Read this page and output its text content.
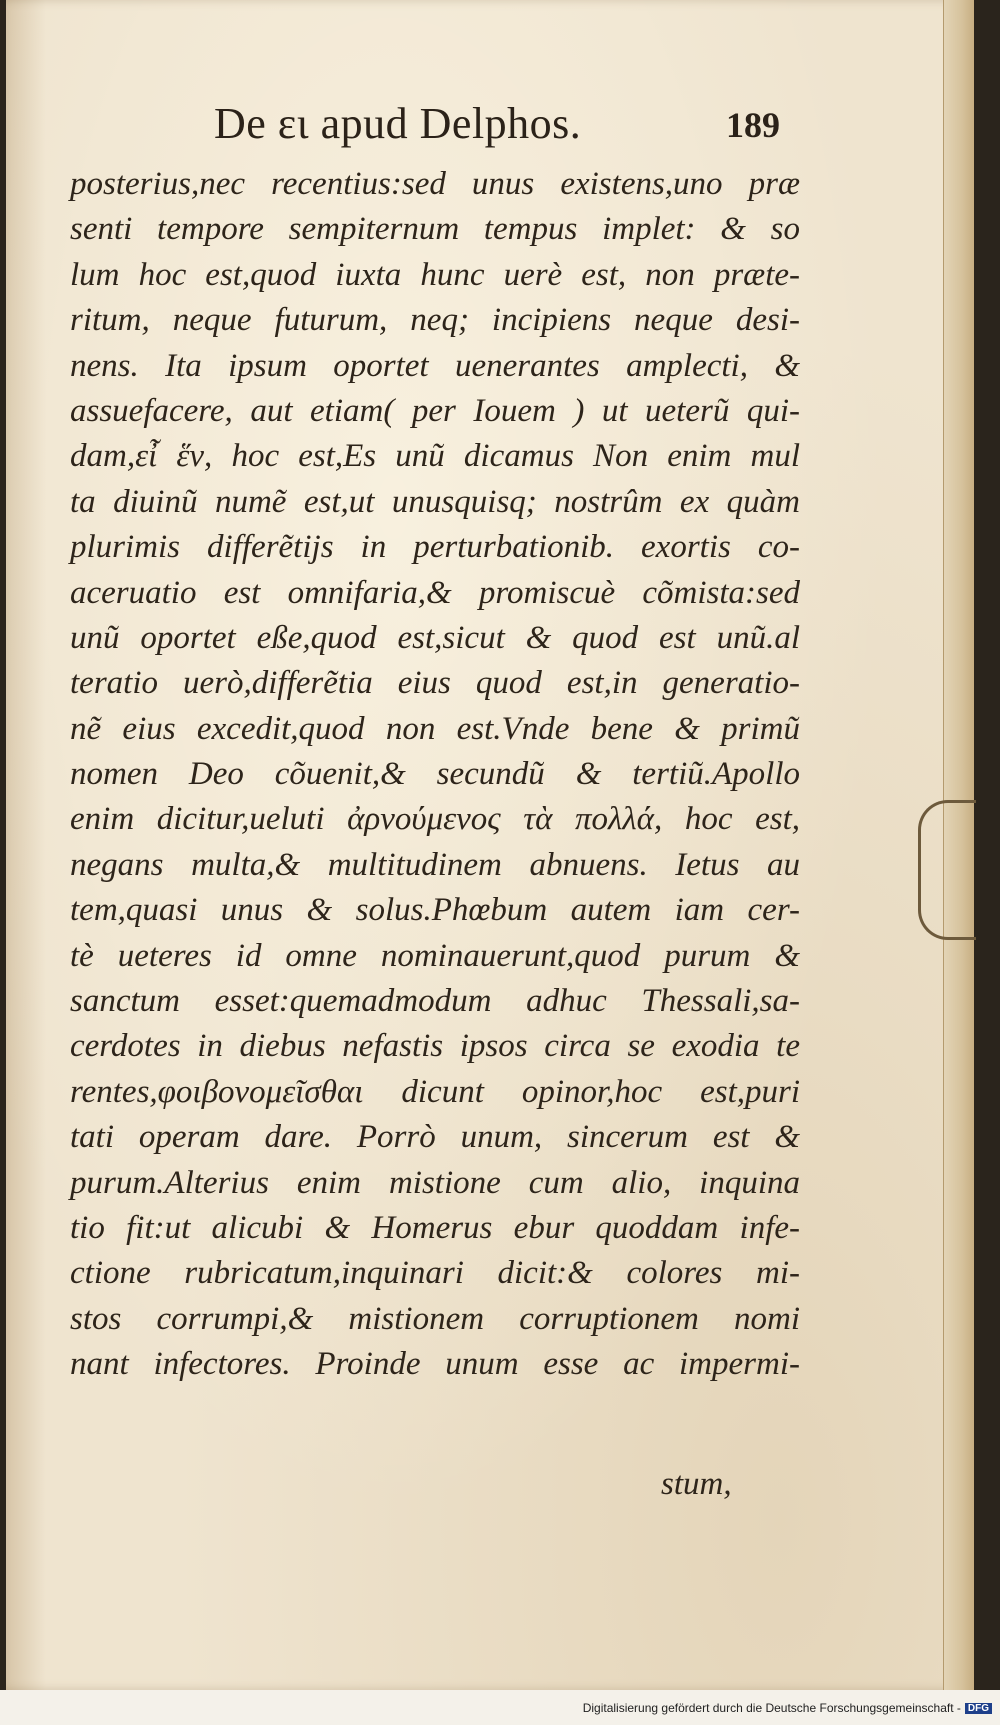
De ει apud Delphos.	189
posterius,nec recentius:sed unus existens,uno præ
senti tempore sempiternum tempus implet: & so
lum hoc est,quod iuxta hunc uerè est, non præte-
ritum, neque futurum, neq; incipiens neque desi-
nens. Ita ipsum oportet uenerantes amplecti, &
assuefacere, aut etiam( per Iouem ) ut ueterũ qui-
dam,εἶ ἕν, hoc est,Es unũ dicamus Non enim mul
ta diuinũ numẽ est,ut unusquisq; nostrûm ex quàm
plurimis differẽtijs in perturbationib. exortis co-
aceruatio est omnifaria,& promiscuè cõmista:sed
unũ oportet eße,quod est,sicut & quod est unũ.al
teratio uerò,differẽtia eius quod est,in generatio-
nẽ eius excedit,quod non est.Vnde bene & primũ
nomen Deo cõuenit,& secundũ & tertiũ.Apollo
enim dicitur,ueluti ἀρνούμενος τὰ πολλά, hoc est,
negans multa,& multitudinem abnuens. Ietus au
tem,quasi unus & solus.Phœbum autem iam cer-
tè ueteres id omne nominauerunt,quod purum &
sanctum esset:quemadmodum adhuc Thessali,sa-
cerdotes in diebus nefastis ipsos circa se exodia te
rentes,φοιβονομεῖσθαι dicunt opinor,hoc est,puri
tati operam dare. Porrò unum, sincerum est &
purum.Alterius enim mistione cum alio, inquina
tio fit:ut alicubi & Homerus ebur quoddam infe-
ctione rubricatum,inquinari dicit:& colores mi-
stos corrumpi,& mistionem corruptionem nomi
nant infectores. Proinde unum esse ac impermi-
stum,
Digitalisierung gefördert durch die Deutsche Forschungsgemeinschaft - DFG
